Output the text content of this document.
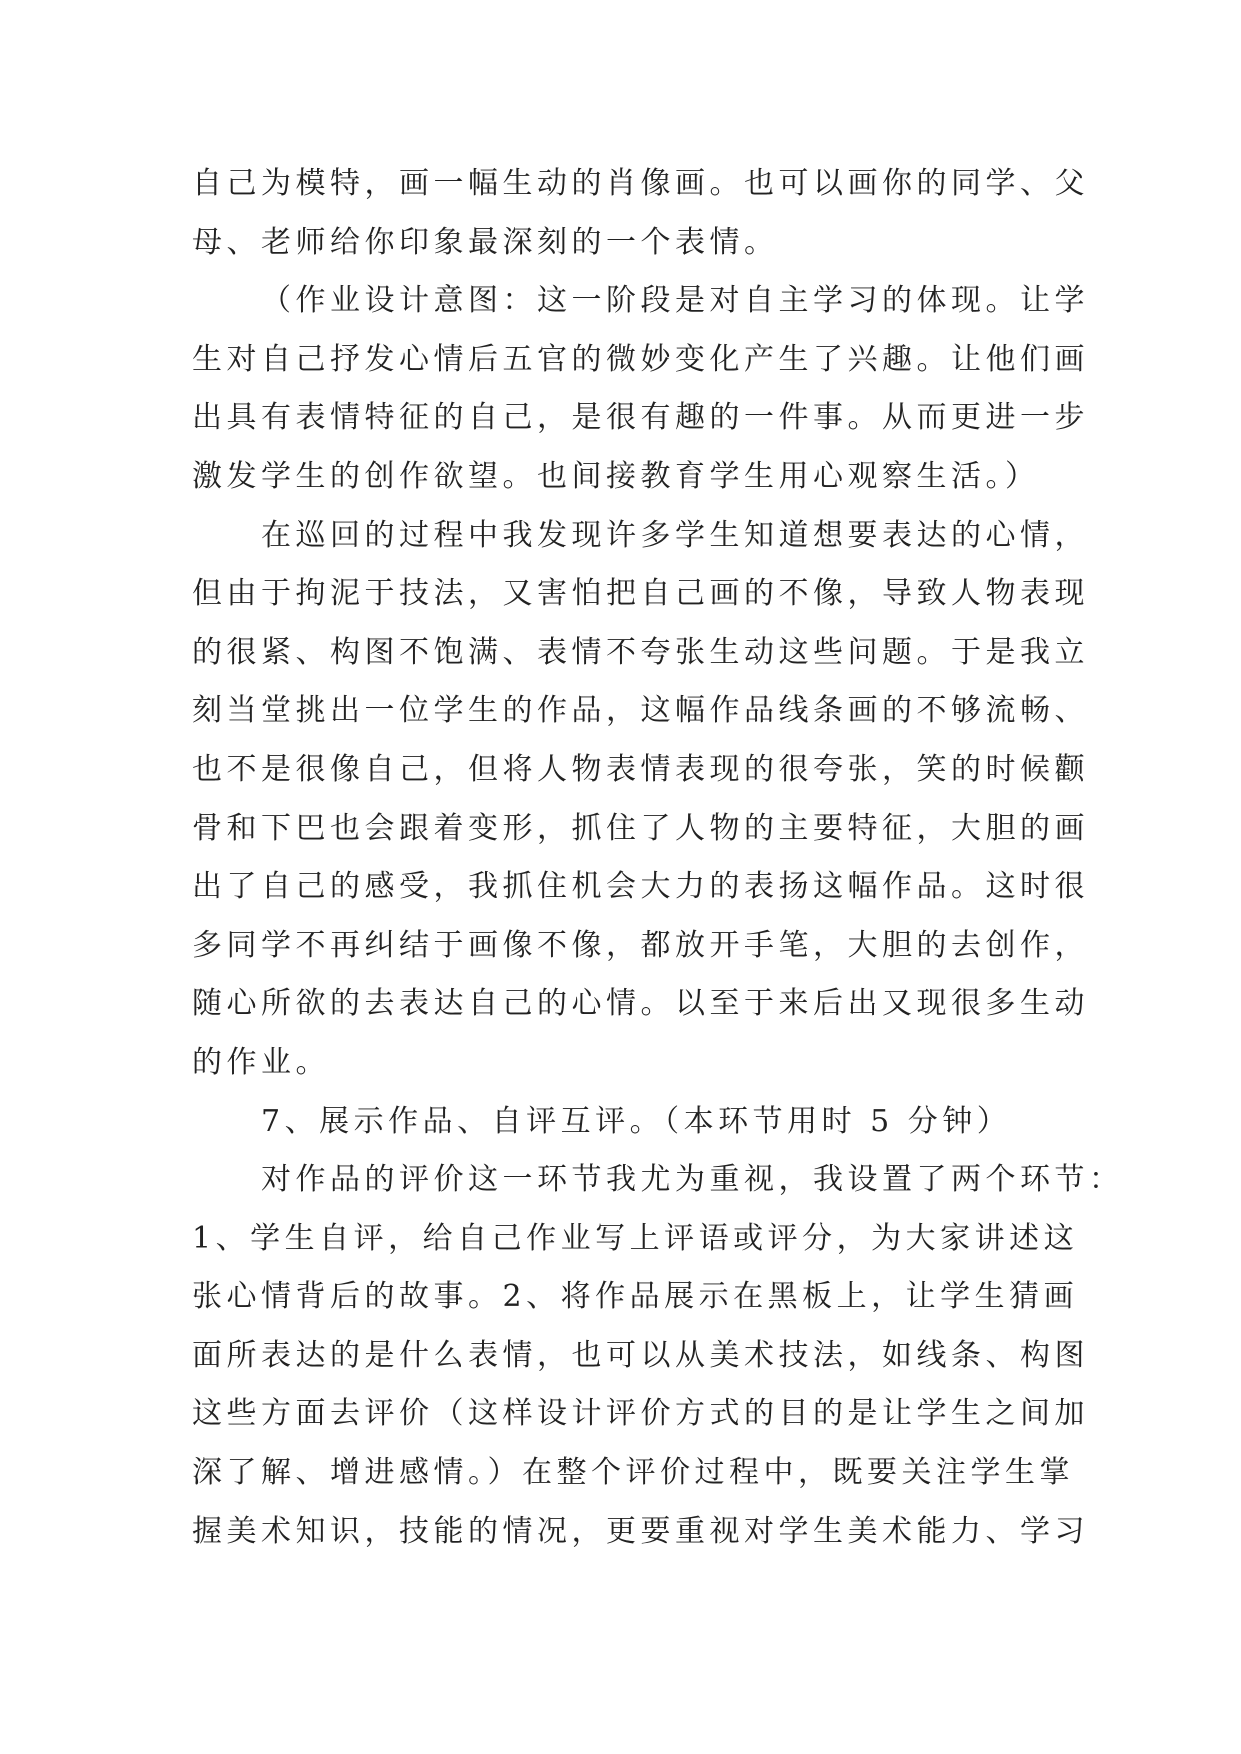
自己为模特，画一幅生动的肖像画。也可以画你的同学、父
母、老师给你印象最深刻的一个表情。
（作业设计意图：这一阶段是对自主学习的体现。让学
生对自己抒发心情后五官的微妙变化产生了兴趣。让他们画
出具有表情特征的自己，是很有趣的一件事。从而更进一步
激发学生的创作欲望。也间接教育学生用心观察生活。）
在巡回的过程中我发现许多学生知道想要表达的心情，
但由于拘泥于技法，又害怕把自己画的不像，导致人物表现
的很紧、构图不饱满、表情不夸张生动这些问题。于是我立
刻当堂挑出一位学生的作品，这幅作品线条画的不够流畅、
也不是很像自己，但将人物表情表现的很夸张，笑的时候颧
骨和下巴也会跟着变形，抓住了人物的主要特征，大胆的画
出了自己的感受，我抓住机会大力的表扬这幅作品。这时很
多同学不再纠结于画像不像，都放开手笔，大胆的去创作，
随心所欲的去表达自己的心情。以至于来后出又现很多生动
的作业。
7、展示作品、自评互评。（本环节用时 5 分钟）
对作品的评价这一环节我尤为重视，我设置了两个环节：
1、学生自评，给自己作业写上评语或评分，为大家讲述这
张心情背后的故事。2、将作品展示在黑板上，让学生猜画
面所表达的是什么表情，也可以从美术技法，如线条、构图
这些方面去评价（这样设计评价方式的目的是让学生之间加
深了解、增进感情。）在整个评价过程中，既要关注学生掌
握美术知识，技能的情况，更要重视对学生美术能力、学习
